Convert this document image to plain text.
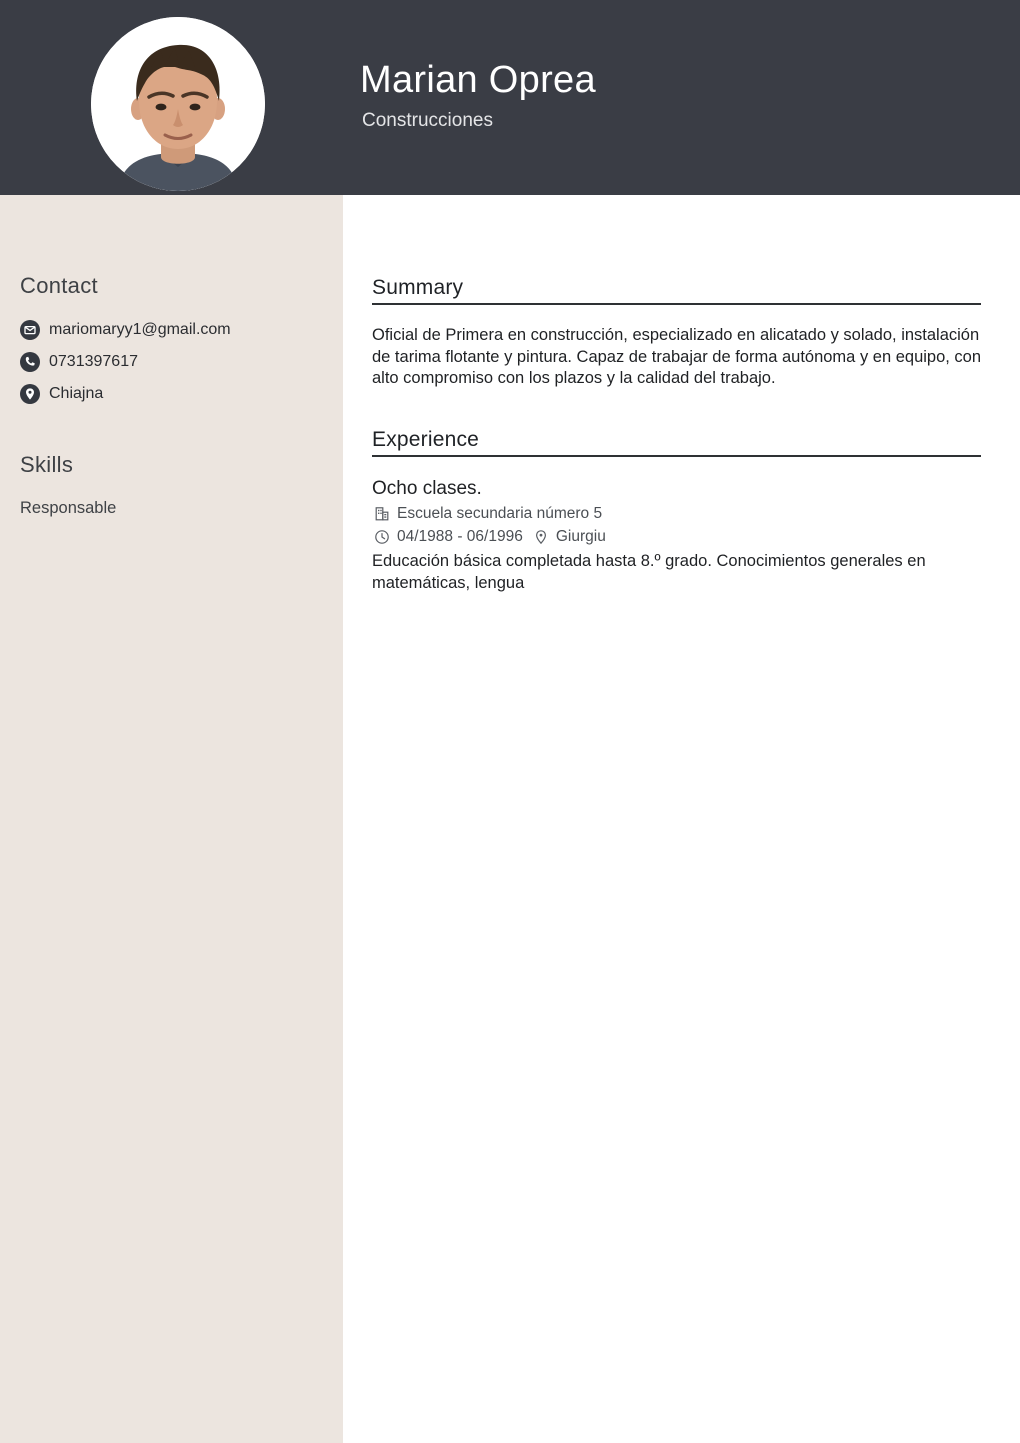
Marian Oprea
Construcciones
Contact
mariomaryy1@gmail.com
0731397617
Chiajna
Skills
Responsable
Summary
Oficial de Primera en construcción, especializado en alicatado y solado, instalación de tarima flotante y pintura. Capaz de trabajar de forma autónoma y en equipo, con alto compromiso con los plazos y la calidad del trabajo.
Experience
Ocho clases.
Escuela secundaria número 5
04/1988 - 06/1996 Giurgiu
Educación básica completada hasta 8.º grado. Conocimientos generales en matemáticas, lengua
